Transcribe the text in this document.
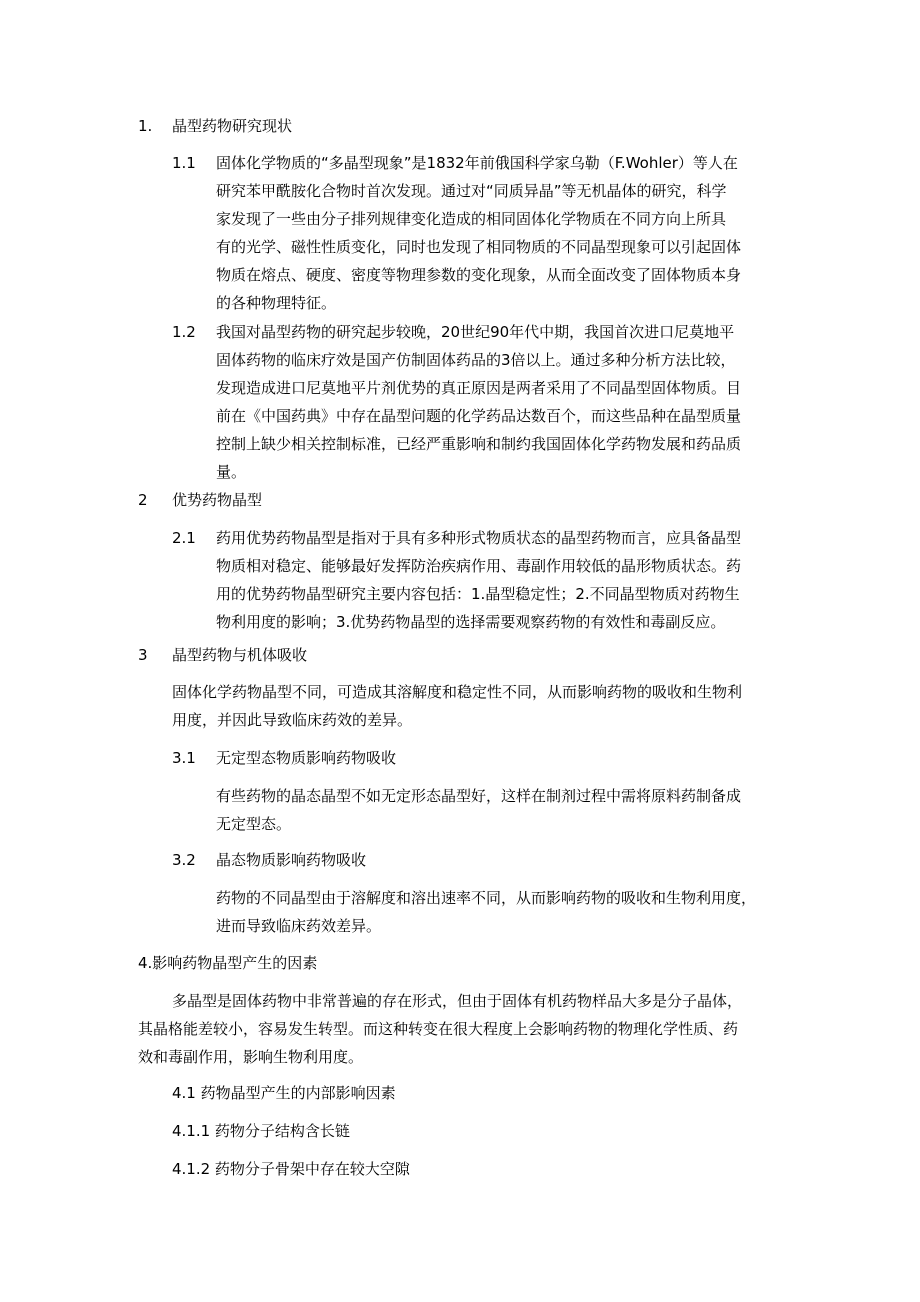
1. 晶型药物研究现状
1.1 固体化学物质的“多晶型现象”是1832年前俄国科学家乌勒（F.Wohler）等人在
研究苯甲酰胺化合物时首次发现。通过对“同质异晶”等无机晶体的研究，科学
家发现了一些由分子排列规律变化造成的相同固体化学物质在不同方向上所具
有的光学、磁性性质变化，同时也发现了相同物质的不同晶型现象可以引起固体
物质在熔点、硬度、密度等物理参数的变化现象，从而全面改变了固体物质本身
的各种物理特征。
1.2 我国对晶型药物的研究起步较晚，20世纪90年代中期，我国首次进口尼莫地平
固体药物的临床疗效是国产仿制固体药品的3倍以上。通过多种分析方法比较，
发现造成进口尼莫地平片剂优势的真正原因是两者采用了不同晶型固体物质。目
前在《中国药典》中存在晶型问题的化学药品达数百个，而这些品种在晶型质量
控制上缺少相关控制标准，已经严重影响和制约我国固体化学药物发展和药品质
量。
2 优势药物晶型
2.1 药用优势药物晶型是指对于具有多种形式物质状态的晶型药物而言，应具备晶型
物质相对稳定、能够最好发挥防治疾病作用、毒副作用较低的晶形物质状态。药
用的优势药物晶型研究主要内容包括：1.晶型稳定性；2.不同晶型物质对药物生
物利用度的影响；3.优势药物晶型的选择需要观察药物的有效性和毒副反应。
3 晶型药物与机体吸收
固体化学药物晶型不同，可造成其溶解度和稳定性不同，从而影响药物的吸收和生物利
用度，并因此导致临床药效的差异。
3.1 无定型态物质影响药物吸收
有些药物的晶态晶型不如无定形态晶型好，这样在制剂过程中需将原料药制备成
无定型态。
3.2 晶态物质影响药物吸收
药物的不同晶型由于溶解度和溶出速率不同，从而影响药物的吸收和生物利用度，
进而导致临床药效差异。
4.影响药物晶型产生的因素
多晶型是固体药物中非常普遍的存在形式，但由于固体有机药物样品大多是分子晶体，
其晶格能差较小，容易发生转型。而这种转变在很大程度上会影响药物的物理化学性质、药
效和毒副作用，影响生物利用度。
4.1 药物晶型产生的内部影响因素
4.1.1 药物分子结构含长链
4.1.2 药物分子骨架中存在较大空隙
